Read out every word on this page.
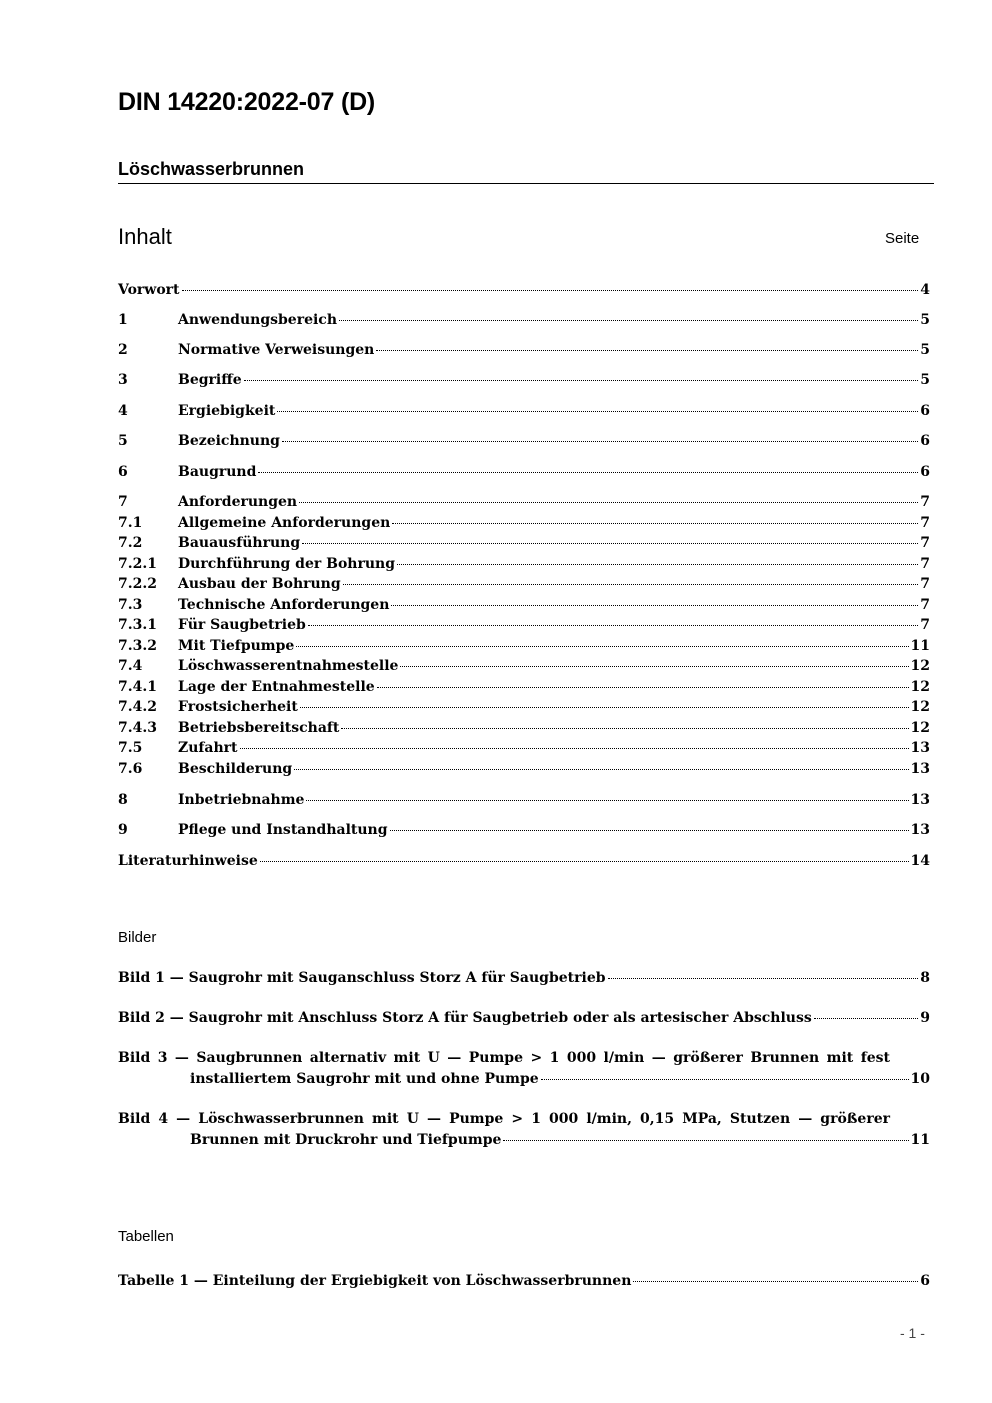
DIN 14220:2022-07 (D)
Löschwasserbrunnen
Inhalt	Seite
Vorwort	4
1	Anwendungsbereich	5
2	Normative Verweisungen	5
3	Begriffe	5
4	Ergiebigkeit	6
5	Bezeichnung	6
6	Baugrund	6
7	Anforderungen	7
7.1	Allgemeine Anforderungen	7
7.2	Bauausführung	7
7.2.1	Durchführung der Bohrung	7
7.2.2	Ausbau der Bohrung	7
7.3	Technische Anforderungen	7
7.3.1	Für Saugbetrieb	7
7.3.2	Mit Tiefpumpe	11
7.4	Löschwasserentnahmestelle	12
7.4.1	Lage der Entnahmestelle	12
7.4.2	Frostsicherheit	12
7.4.3	Betriebsbereitschaft	12
7.5	Zufahrt	13
7.6	Beschilderung	13
8	Inbetriebnahme	13
9	Pflege und Instandhaltung	13
Literaturhinweise	14
Bilder
Bild 1 — Saugrohr mit Sauganschluss Storz A für Saugbetrieb	8
Bild 2 — Saugrohr mit Anschluss Storz A für Saugbetrieb oder als artesischer Abschluss	9
Bild 3 — Saugbrunnen alternativ mit U — Pumpe > 1 000 l/min — größerer Brunnen mit fest
installiertem Saugrohr mit und ohne Pumpe	10
Bild 4 — Löschwasserbrunnen mit U — Pumpe > 1 000 l/min, 0,15 MPa, Stutzen — größerer
Brunnen mit Druckrohr und Tiefpumpe	11
Tabellen
Tabelle 1 — Einteilung der Ergiebigkeit von Löschwasserbrunnen	6
- 1 -
